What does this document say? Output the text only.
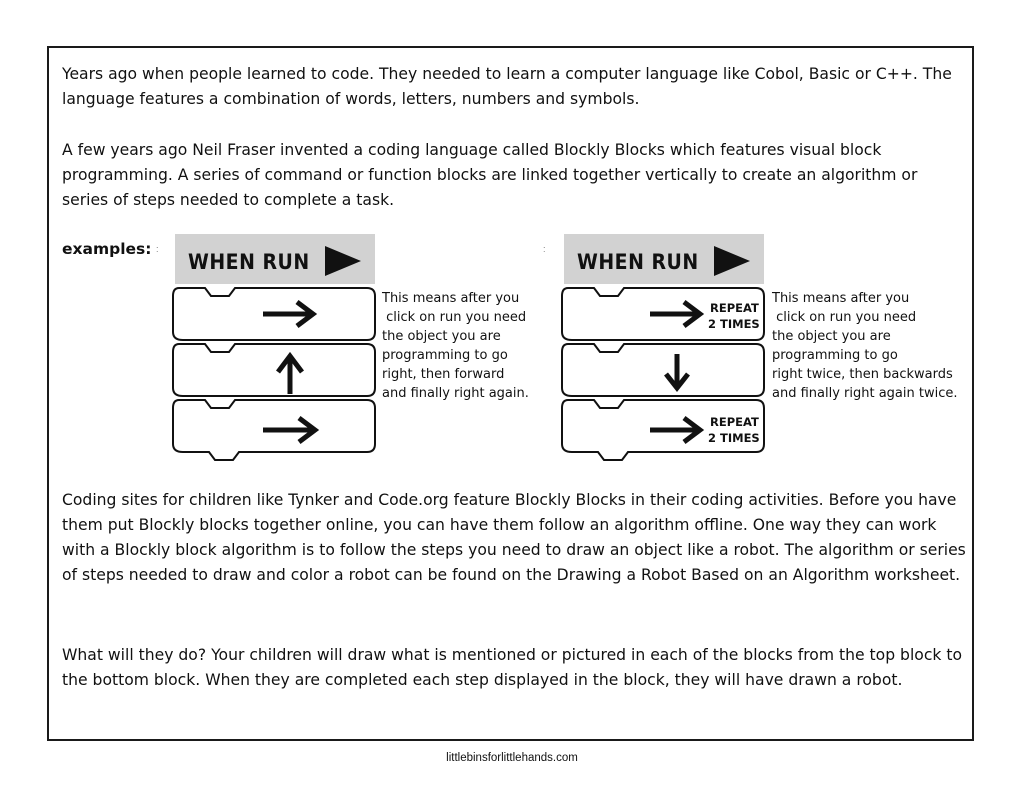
Years ago when people learned to code. They needed to learn a computer language like Cobol, Basic or C++. The language features a combination of words, letters, numbers and symbols.

A few years ago Neil Fraser invented a coding language called Blockly Blocks which features visual block programming. A series of command or function blocks are linked together vertically to create an algorithm or series of steps needed to complete a task.

examples: :	:
WHEN RUN

This means after you
click on run you need
the object you are
programming to go
right, then forward
and finally right again.

WHEN RUN
REPEAT
2 TIMES
REPEAT
2 TIMES

This means after you
click on run you need
the object you are
programming to go
right twice, then backwards
and finally right again twice.

Coding sites for children like Tynker and Code.org feature Blockly Blocks in their coding activities. Before you have them put Blockly blocks together online, you can have them follow an algorithm offline. One way they can work with a Blockly block algorithm is to follow the steps you need to draw an object like a robot. The algorithm or series of steps needed to draw and color a robot can be found on the Drawing a Robot Based on an Algorithm worksheet.

What will they do? Your children will draw what is mentioned or pictured in each of the blocks from the top block to the bottom block. When they are completed each step displayed in the block, they will have drawn a robot.

littlebinsforlittlehands.com
